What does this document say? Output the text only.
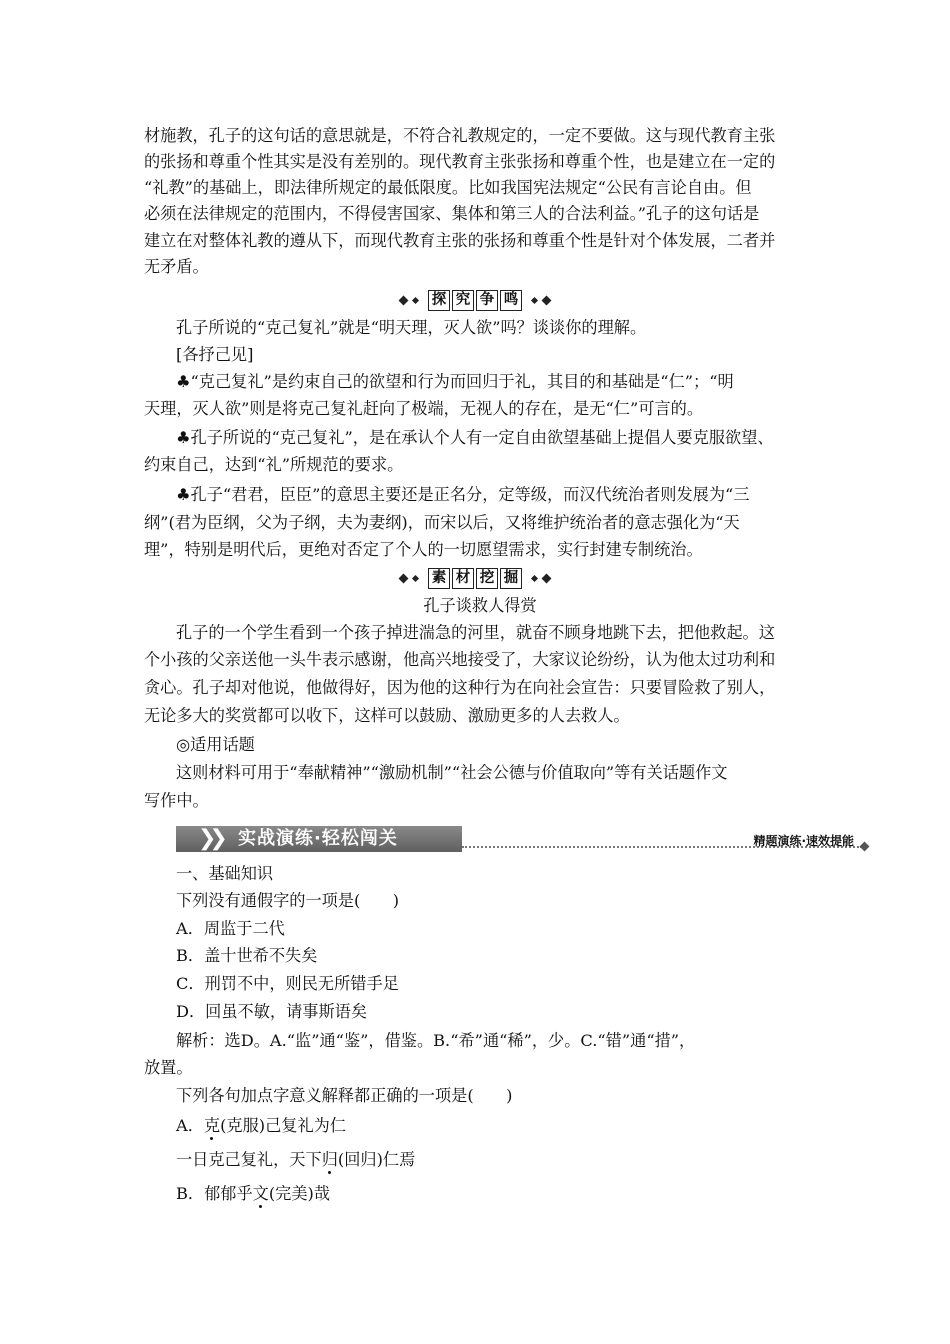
材施教，孔子的这句话的意思就是，不符合礼教规定的，一定不要做。这与现代教育主张
的张扬和尊重个性其实是没有差别的。现代教育主张张扬和尊重个性，也是建立在一定的
“礼教”的基础上，即法律所规定的最低限度。比如我国宪法规定“公民有言论自由。但
必须在法律规定的范围内，不得侵害国家、集体和第三人的合法利益。”孔子的这句话是
建立在对整体礼教的遵从下，而现代教育主张的张扬和尊重个性是针对个体发展，二者并
无矛盾。
探 究 争 鸣
孔子所说的“克己复礼”就是“明天理，灭人欲”吗？谈谈你的理解。
[各抒己见]
♣“克己复礼”是约束自己的欲望和行为而回归于礼，其目的和基础是“仁”；“明
天理，灭人欲”则是将克己复礼赶向了极端，无视人的存在，是无“仁”可言的。
♣孔子所说的“克己复礼”，是在承认个人有一定自由欲望基础上提倡人要克服欲望、
约束自己，达到“礼”所规范的要求。
♣孔子“君君，臣臣”的意思主要还是正名分，定等级，而汉代统治者则发展为“三
纲”(君为臣纲，父为子纲，夫为妻纲)，而宋以后，又将维护统治者的意志强化为“天
理”，特别是明代后，更绝对否定了个人的一切愿望需求，实行封建专制统治。
素 材 挖 掘
孔子谈救人得赏
孔子的一个学生看到一个孩子掉进湍急的河里，就奋不顾身地跳下去，把他救起。这
个小孩的父亲送他一头牛表示感谢，他高兴地接受了，大家议论纷纷，认为他太过功利和
贪心。孔子却对他说，他做得好，因为他的这种行为在向社会宣告：只要冒险救了别人，
无论多大的奖赏都可以收下，这样可以鼓励、激励更多的人去救人。
◎适用话题
这则材料可用于“奉献精神”“激励机制”“社会公德与价值取向”等有关话题作文
写作中。
❯❯ 实战演练·轻松闯关	精题演练·速效提能
一、基础知识
下列没有通假字的一项是(　　)
A．周监于二代
B．盖十世希不失矣
C．刑罚不中，则民无所错手足
D．回虽不敏，请事斯语矣
解析：选D。A.“监”通“鉴”，借鉴。B.“希”通“稀”，少。C.“错”通“措”，
放置。
下列各句加点字意义解释都正确的一项是(　　)
A．克(克服)己复礼为仁
一日克己复礼，天下归(回归)仁焉
B．郁郁乎文(完美)哉
